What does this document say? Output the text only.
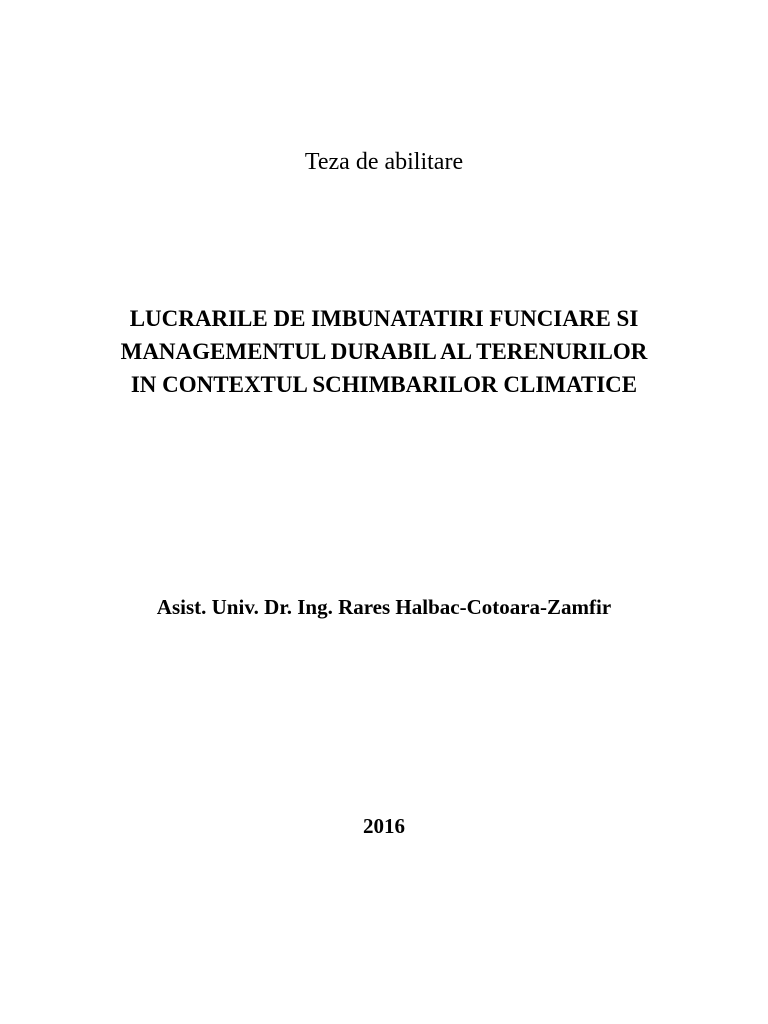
Teza de abilitare

LUCRARILE DE IMBUNATATIRI FUNCIARE SI
MANAGEMENTUL DURABIL AL TERENURILOR
IN CONTEXTUL SCHIMBARILOR CLIMATICE

Asist. Univ. Dr. Ing. Rares Halbac-Cotoara-Zamfir

2016
